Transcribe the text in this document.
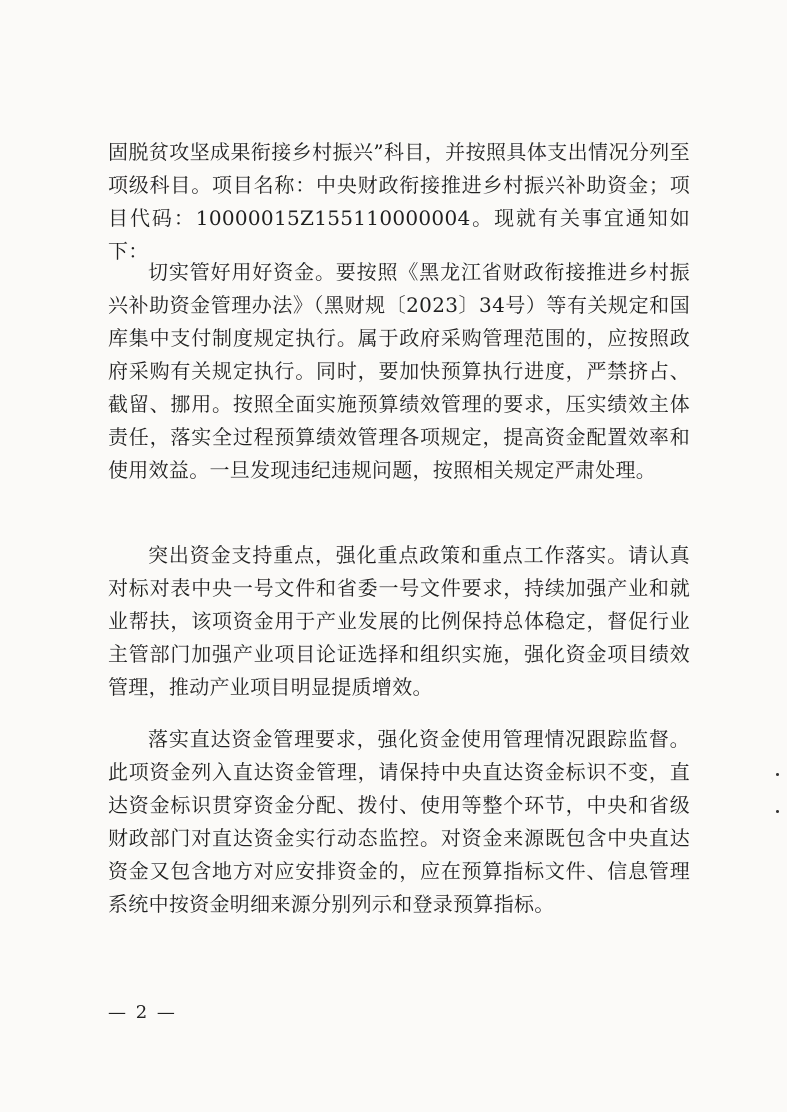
固脱贫攻坚成果衔接乡村振兴”科目，并按照具体支出情况分列至项级科目。项目名称：中央财政衔接推进乡村振兴补助资金；项目代码：10000015Z155110000004。现就有关事宜通知如下：

切实管好用好资金。要按照《黑龙江省财政衔接推进乡村振兴补助资金管理办法》（黑财规〔2023〕34号）等有关规定和国库集中支付制度规定执行。属于政府采购管理范围的，应按照政府采购有关规定执行。同时，要加快预算执行进度，严禁挤占、截留、挪用。按照全面实施预算绩效管理的要求，压实绩效主体责任，落实全过程预算绩效管理各项规定，提高资金配置效率和使用效益。一旦发现违纪违规问题，按照相关规定严肃处理。

突出资金支持重点，强化重点政策和重点工作落实。请认真对标对表中央一号文件和省委一号文件要求，持续加强产业和就业帮扶，该项资金用于产业发展的比例保持总体稳定，督促行业主管部门加强产业项目论证选择和组织实施，强化资金项目绩效管理，推动产业项目明显提质增效。

落实直达资金管理要求，强化资金使用管理情况跟踪监督。此项资金列入直达资金管理，请保持中央直达资金标识不变，直达资金标识贯穿资金分配、拨付、使用等整个环节，中央和省级财政部门对直达资金实行动态监控。对资金来源既包含中央直达资金又包含地方对应安排资金的，应在预算指标文件、信息管理系统中按资金明细来源分别列示和登录预算指标。

— 2 —
